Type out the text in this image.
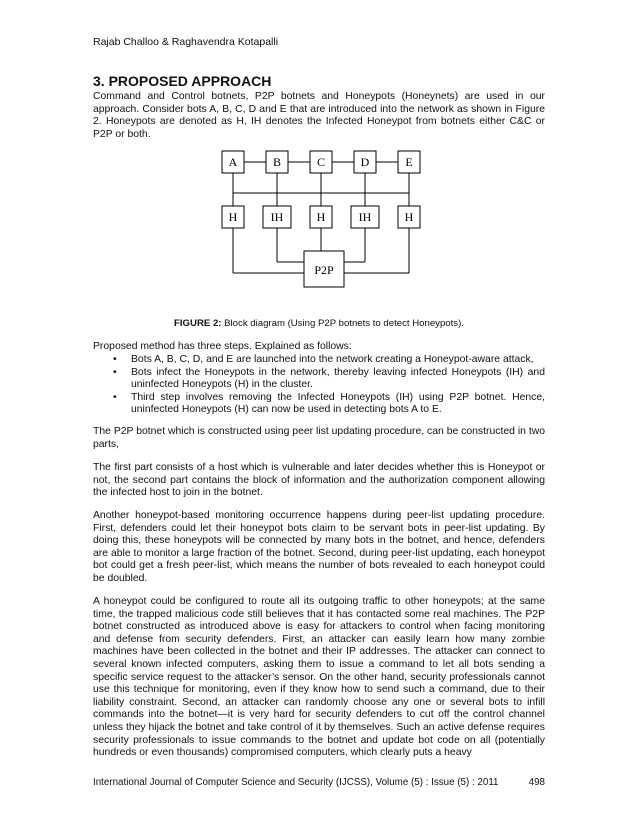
Rajab Challoo & Raghavendra Kotapalli
3. PROPOSED APPROACH

Command and Control botnets, P2P botnets and Honeypots (Honeynets) are used in our approach. Consider bots A, B, C, D and E that are introduced into the network as shown in Figure 2. Honeypots are denoted as H, IH denotes the Infected Honeypot from botnets either C&C or P2P or both.

A	B	C	D	E
H	IH	H	IH	H
P2P
FIGURE 2: Block diagram (Using P2P botnets to detect Honeypots).

Proposed method has three steps. Explained as follows:

• Bots A, B, C, D, and E are launched into the network creating a Honeypot-aware attack,
• Bots infect the Honeypots in the network, thereby leaving infected Honeypots (IH) and uninfected Honeypots (H) in the cluster.
• Third step involves removing the Infected Honeypots (IH) using P2P botnet. Hence, uninfected Honeypots (H) can now be used in detecting bots A to E.

The P2P botnet which is constructed using peer list updating procedure, can be constructed in two parts,

The first part consists of a host which is vulnerable and later decides whether this is Honeypot or not, the second part contains the block of information and the authorization component allowing the infected host to join in the botnet.

Another honeypot-based monitoring occurrence happens during peer-list updating procedure. First, defenders could let their honeypot bots claim to be servant bots in peer-list updating. By doing this, these honeypots will be connected by many bots in the botnet, and hence, defenders are able to monitor a large fraction of the botnet. Second, during peer-list updating, each honeypot bot could get a fresh peer-list, which means the number of bots revealed to each honeypot could be doubled.

A honeypot could be configured to route all its outgoing traffic to other honeypots; at the same time, the trapped malicious code still believes that it has contacted some real machines. The P2P botnet constructed as introduced above is easy for attackers to control when facing monitoring and defense from security defenders. First, an attacker can easily learn how many zombie machines have been collected in the botnet and their IP addresses. The attacker can connect to several known infected computers, asking them to issue a command to let all bots sending a specific service request to the attacker’s sensor. On the other hand, security professionals cannot use this technique for monitoring, even if they know how to send such a command, due to their liability constraint. Second, an attacker can randomly choose any one or several bots to infill commands into the botnet—it is very hard for security defenders to cut off the control channel unless they hijack the botnet and take control of it by themselves. Such an active defense requires security professionals to issue commands to the botnet and update bot code on all (potentially hundreds or even thousands) compromised computers, which clearly puts a heavy

International Journal of Computer Science and Security (IJCSS), Volume (5) : Issue (5) : 2011	498
